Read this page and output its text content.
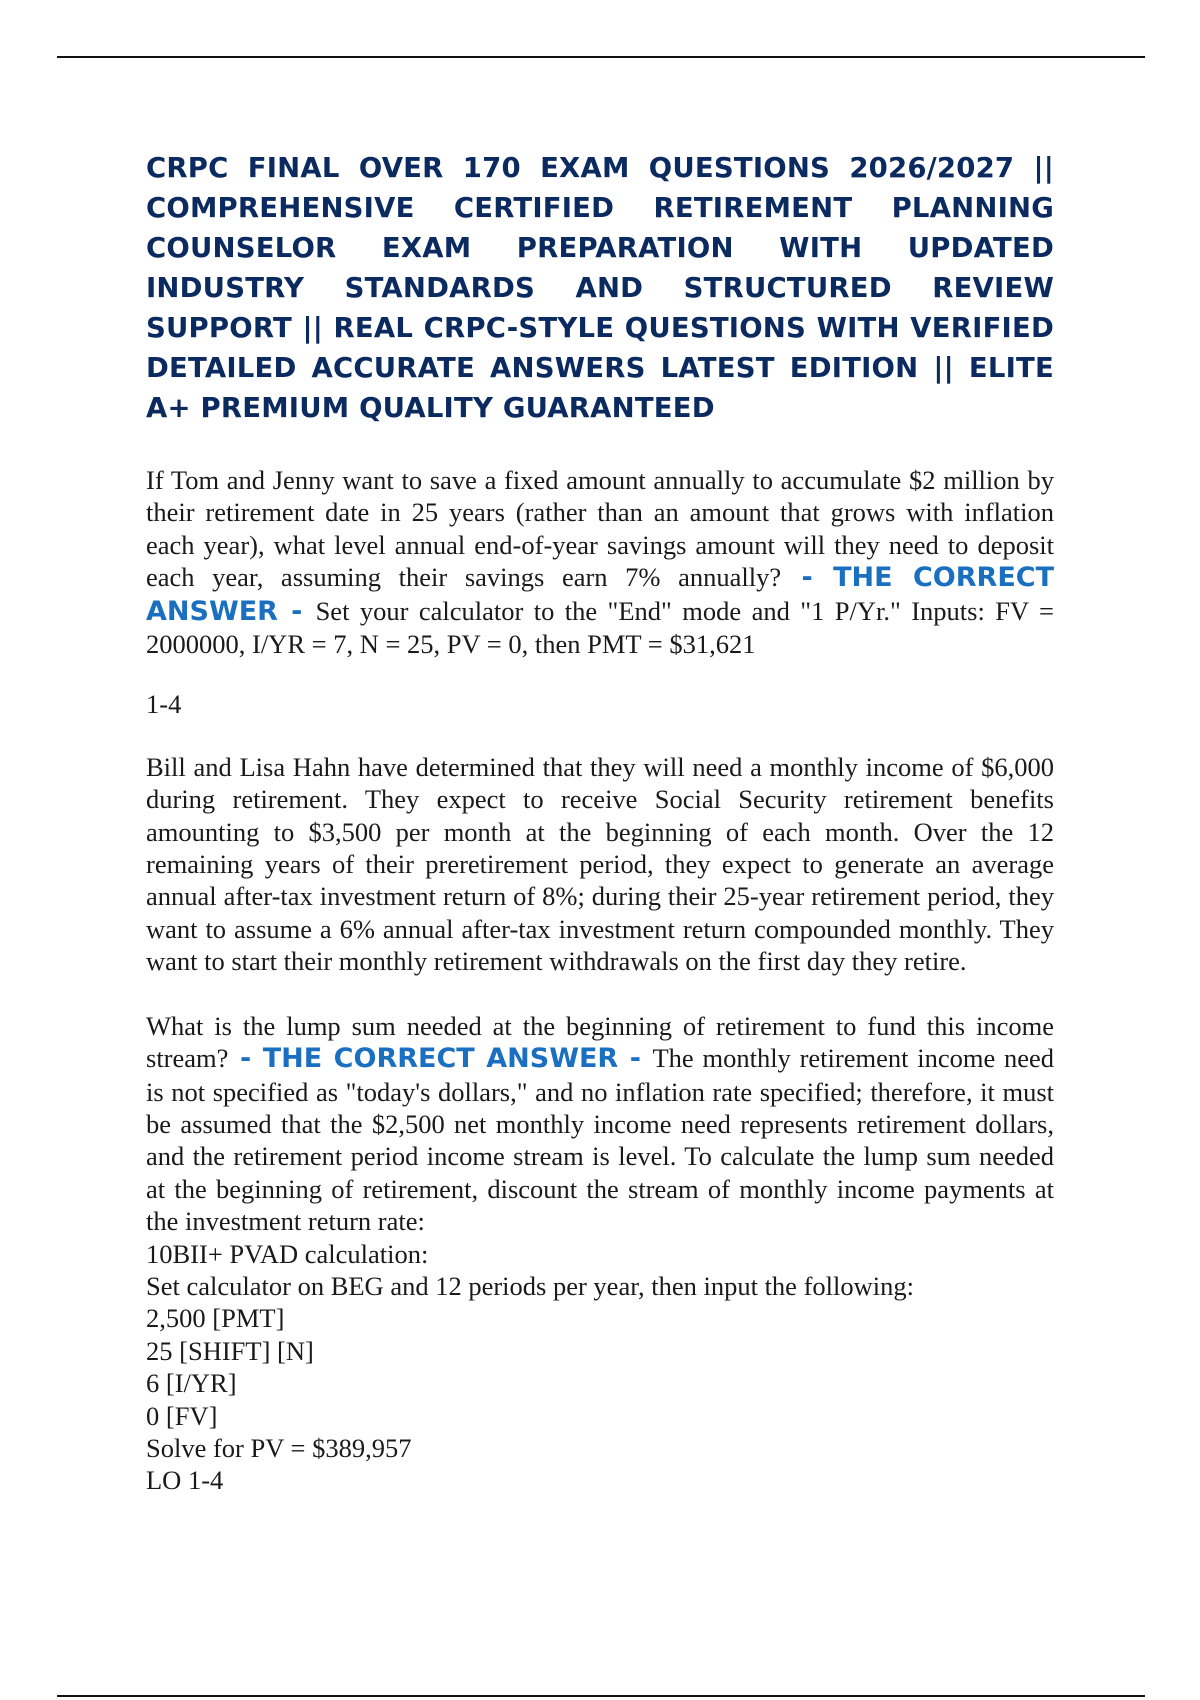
CRPC FINAL OVER 170 EXAM QUESTIONS 2026/2027 || COMPREHENSIVE CERTIFIED RETIREMENT PLANNING COUNSELOR EXAM PREPARATION WITH UPDATED INDUSTRY STANDARDS AND STRUCTURED REVIEW SUPPORT || REAL CRPC-STYLE QUESTIONS WITH VERIFIED DETAILED ACCURATE ANSWERS LATEST EDITION || ELITE A+ PREMIUM QUALITY GUARANTEED

If Tom and Jenny want to save a fixed amount annually to accumulate $2 million by their retirement date in 25 years (rather than an amount that grows with inflation each year), what level annual end-of-year savings amount will they need to deposit each year, assuming their savings earn 7% annually? - THE CORRECT ANSWER - Set your calculator to the "End" mode and "1 P/Yr." Inputs: FV = 2000000, I/YR = 7, N = 25, PV = 0, then PMT = $31,621

1-4

Bill and Lisa Hahn have determined that they will need a monthly income of $6,000 during retirement. They expect to receive Social Security retirement benefits amounting to $3,500 per month at the beginning of each month. Over the 12 remaining years of their preretirement period, they expect to generate an average annual after-tax investment return of 8%; during their 25-year retirement period, they want to assume a 6% annual after-tax investment return compounded monthly. They want to start their monthly retirement withdrawals on the first day they retire.

What is the lump sum needed at the beginning of retirement to fund this income stream? - THE CORRECT ANSWER - The monthly retirement income need is not specified as "today's dollars," and no inflation rate specified; therefore, it must be assumed that the $2,500 net monthly income need represents retirement dollars, and the retirement period income stream is level. To calculate the lump sum needed at the beginning of retirement, discount the stream of monthly income payments at the investment return rate:
10BII+ PVAD calculation:
Set calculator on BEG and 12 periods per year, then input the following:
2,500 [PMT]
25 [SHIFT] [N]
6 [I/YR]
0 [FV]
Solve for PV = $389,957
LO 1-4
